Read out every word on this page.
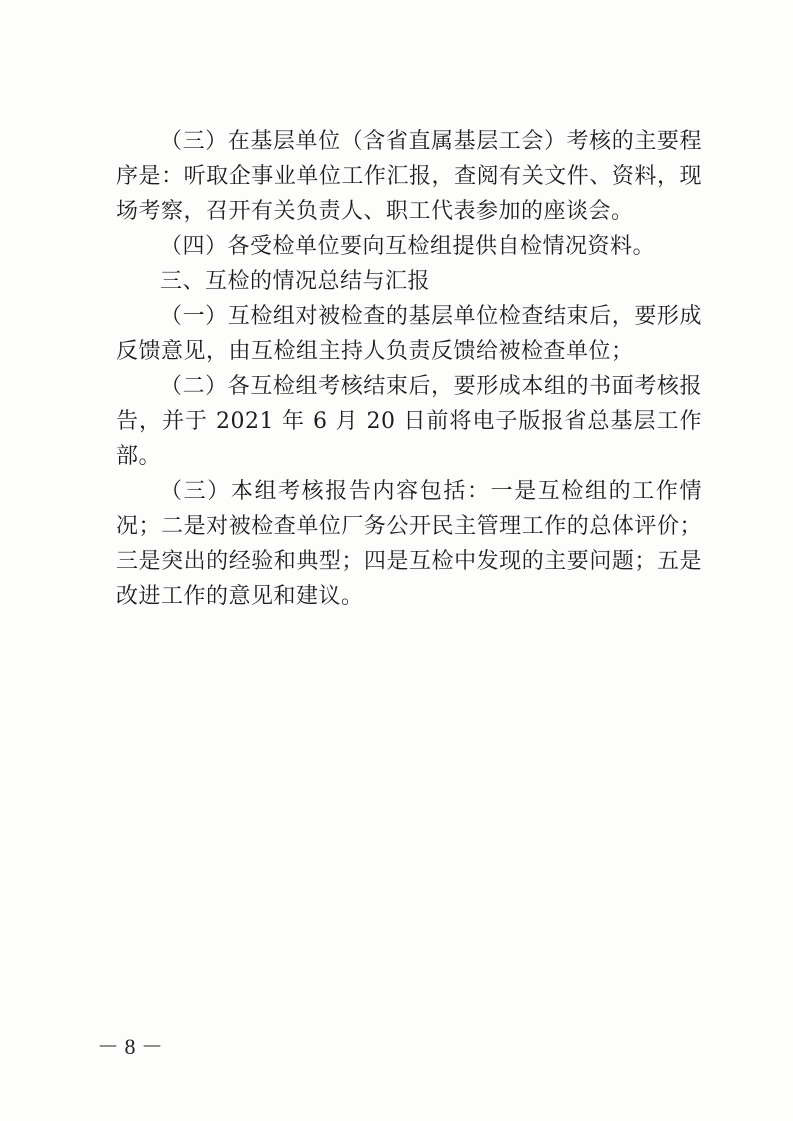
（三）在基层单位（含省直属基层工会）考核的主要程序是：听取企事业单位工作汇报，查阅有关文件、资料，现场考察，召开有关负责人、职工代表参加的座谈会。

（四）各受检单位要向互检组提供自检情况资料。

三、互检的情况总结与汇报

（一）互检组对被检查的基层单位检查结束后，要形成反馈意见，由互检组主持人负责反馈给被检查单位；

（二）各互检组考核结束后，要形成本组的书面考核报告，并于 2021 年 6 月 20 日前将电子版报省总基层工作部。

（三）本组考核报告内容包括：一是互检组的工作情况；二是对被检查单位厂务公开民主管理工作的总体评价；三是突出的经验和典型；四是互检中发现的主要问题；五是改进工作的意见和建议。

－ 8 －
